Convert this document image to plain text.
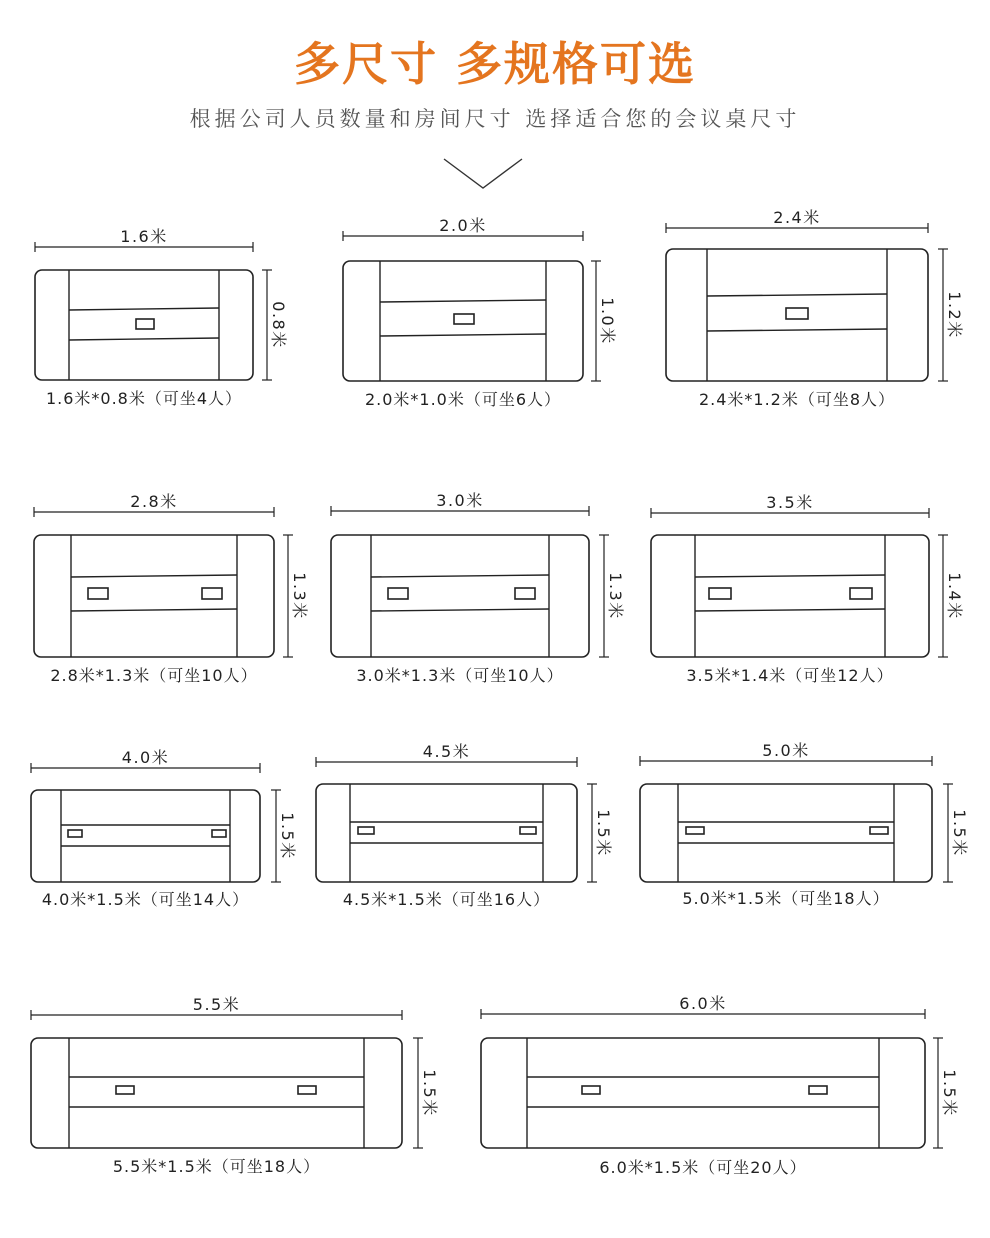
多尺寸 多规格可选
根据公司人员数量和房间尺寸 选择适合您的会议桌尺寸
1.6米
0.8米
1.6米*0.8米（可坐4人）
2.0米
1.0米
2.0米*1.0米（可坐6人）
2.4米
1.2米
2.4米*1.2米（可坐8人）
2.8米
1.3米
2.8米*1.3米（可坐10人）
3.0米
1.3米
3.0米*1.3米（可坐10人）
3.5米
1.4米
3.5米*1.4米（可坐12人）
4.0米
1.5米
4.0米*1.5米（可坐14人）
4.5米
1.5米
4.5米*1.5米（可坐16人）
5.0米
1.5米
5.0米*1.5米（可坐18人）
5.5米
1.5米
5.5米*1.5米（可坐18人）
6.0米
1.5米
6.0米*1.5米（可坐20人）
